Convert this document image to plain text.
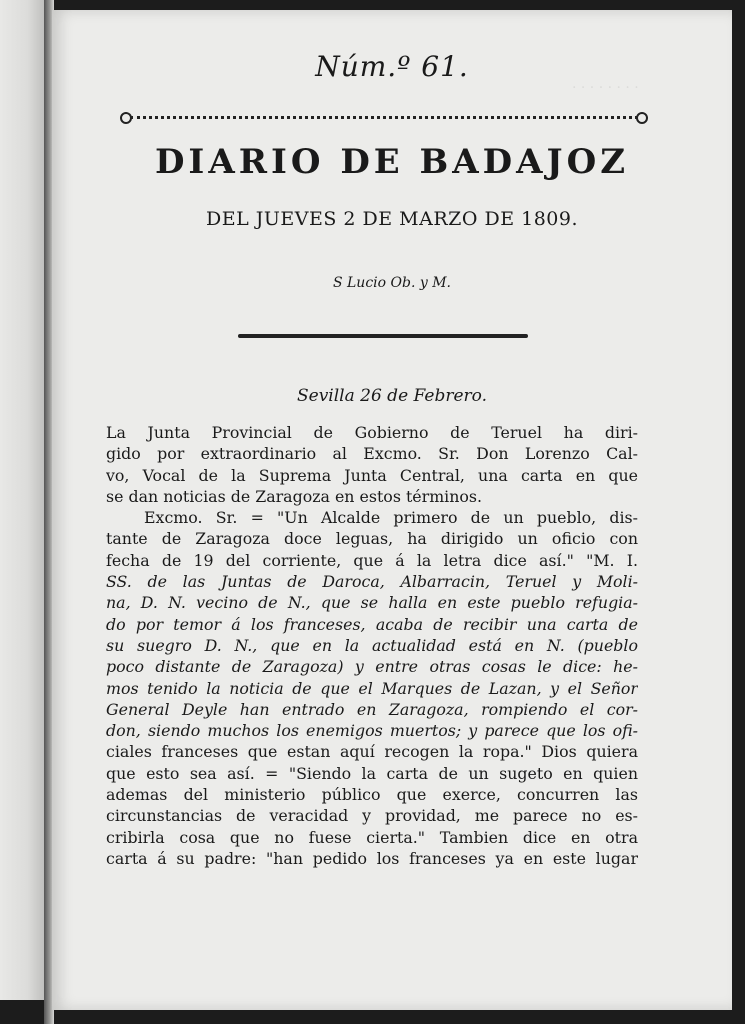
· · · · · · · ·
Núm.º 61.
DIARIO DE BADAJOZ
DEL JUEVES 2 DE MARZO DE 1809.
S Lucio Ob. y M.
Sevilla 26 de Febrero.
La Junta Provincial de Gobierno de Teruel ha diri-
gido por extraordinario al Excmo. Sr. Don Lorenzo Cal-
vo, Vocal de la Suprema Junta Central, una carta en que
se dan noticias de Zaragoza en estos términos.
Excmo. Sr. = "Un Alcalde primero de un pueblo, dis-
tante de Zaragoza doce leguas, ha dirigido un oficio con
fecha de 19 del corriente, que á la letra dice así." "M. I.
SS. de las Juntas de Daroca, Albarracin, Teruel y Moli-
na, D. N. vecino de N., que se halla en este pueblo refugia-
do por temor á los franceses, acaba de recibir una carta de
su suegro D. N., que en la actualidad está en N. (pueblo
poco distante de Zaragoza) y entre otras cosas le dice: he-
mos tenido la noticia de que el Marques de Lazan, y el Señor
General Deyle han entrado en Zaragoza, rompiendo el cor-
don, siendo muchos los enemigos muertos; y parece que los ofi-
ciales franceses que estan aquí recogen la ropa." Dios quiera
que esto sea así. = "Siendo la carta de un sugeto en quien
ademas del ministerio público que exerce, concurren las
circunstancias de veracidad y providad, me parece no es-
cribirla cosa que no fuese cierta." Tambien dice en otra
carta á su padre: "han pedido los franceses ya en este lugar
